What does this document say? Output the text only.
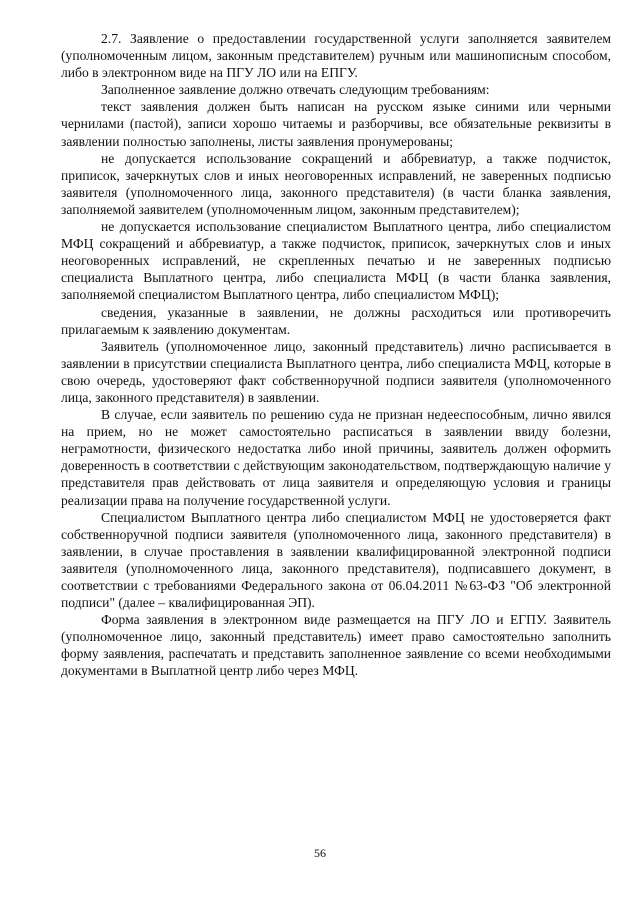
2.7. Заявление о предоставлении государственной услуги заполняется заявителем (уполномоченным лицом, законным представителем) ручным или машинописным способом, либо в электронном виде на ПГУ ЛО или на ЕПГУ.

Заполненное заявление должно отвечать следующим требованиям:

текст заявления должен быть написан на русском языке синими или черными чернилами (пастой), записи хорошо читаемы и разборчивы, все обязательные реквизиты в заявлении полностью заполнены, листы заявления пронумерованы;

не допускается использование сокращений и аббревиатур, а также подчисток, приписок, зачеркнутых слов и иных неоговоренных исправлений, не заверенных подписью заявителя (уполномоченного лица, законного представителя) (в части бланка заявления, заполняемой заявителем (уполномоченным лицом, законным представителем);

не допускается использование специалистом Выплатного центра, либо специалистом МФЦ сокращений и аббревиатур, а также подчисток, приписок, зачеркнутых слов и иных неоговоренных исправлений, не скрепленных печатью и не заверенных подписью специалиста Выплатного центра, либо специалиста МФЦ (в части бланка заявления, заполняемой специалистом Выплатного центра, либо специалистом МФЦ);

сведения, указанные в заявлении, не должны расходиться или противоречить прилагаемым к заявлению документам.

Заявитель (уполномоченное лицо, законный представитель) лично расписывается в заявлении в присутствии специалиста Выплатного центра, либо специалиста МФЦ, которые в свою очередь, удостоверяют факт собственноручной подписи заявителя (уполномоченного лица, законного представителя) в заявлении.

В случае, если заявитель по решению суда не признан недееспособным, лично явился на прием, но не может самостоятельно расписаться в заявлении ввиду болезни, неграмотности, физического недостатка либо иной причины, заявитель должен оформить доверенность в соответствии с действующим законодательством, подтверждающую наличие у представителя прав действовать от лица заявителя и определяющую условия и границы реализации права на получение государственной услуги.

Специалистом Выплатного центра либо специалистом МФЦ не удостоверяется факт собственноручной подписи заявителя (уполномоченного лица, законного представителя) в заявлении, в случае проставления в заявлении квалифицированной электронной подписи заявителя (уполномоченного лица, законного представителя), подписавшего документ, в соответствии с требованиями Федерального закона от 06.04.2011 №63-ФЗ "Об электронной подписи" (далее – квалифицированная ЭП).

Форма заявления в электронном виде размещается на ПГУ ЛО и ЕГПУ. Заявитель (уполномоченное лицо, законный представитель) имеет право самостоятельно заполнить форму заявления, распечатать и представить заполненное заявление со всеми необходимыми документами в Выплатной центр либо через МФЦ.

56
